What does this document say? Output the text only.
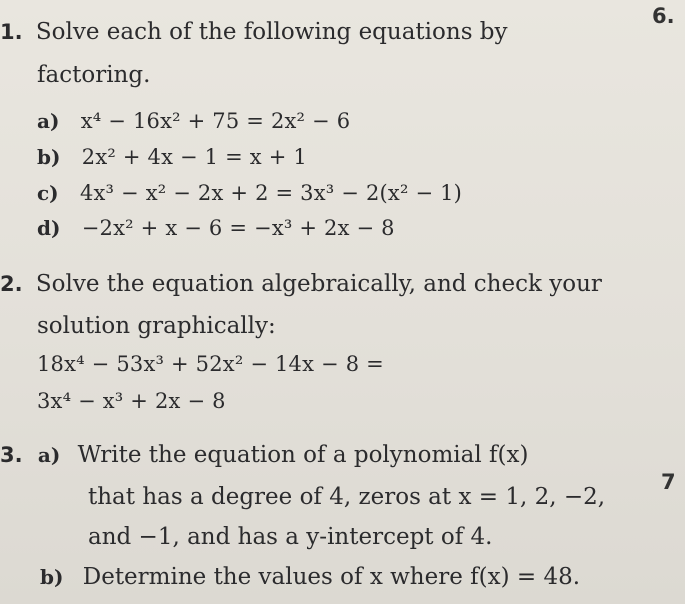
6.
7
1. Solve each of the following equations by
factoring.
a) x⁴ − 16x² + 75 = 2x² − 6
b) 2x² + 4x − 1 = x + 1
c) 4x³ − x² − 2x + 2 = 3x³ − 2(x² − 1)
d) −2x² + x − 6 = −x³ + 2x − 8
2. Solve the equation algebraically, and check your
solution graphically:
18x⁴ − 53x³ + 52x² − 14x − 8 =
3x⁴ − x³ + 2x − 8
3. a) Write the equation of a polynomial f(x)
that has a degree of 4, zeros at x = 1, 2, −2,
and −1, and has a y-intercept of 4.
b) Determine the values of x where f(x) = 48.
